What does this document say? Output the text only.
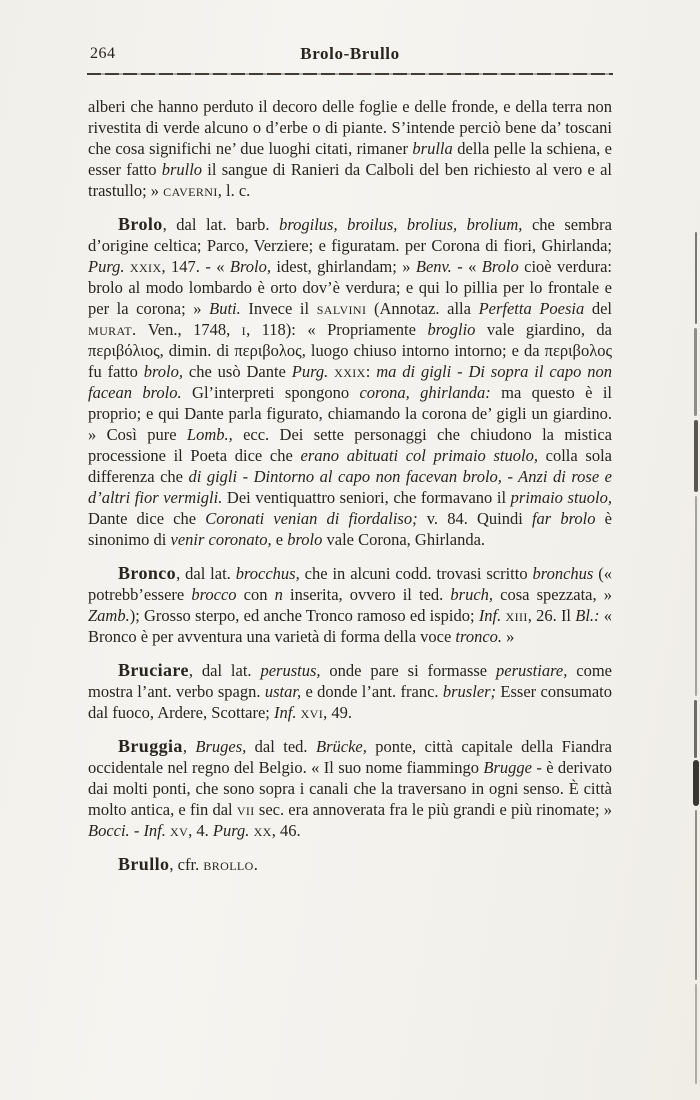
264	Brolo-Brullo

alberi che hanno perduto il decoro delle foglie e delle fronde, e della terra non rivestita di verde alcuno o d’erbe o di piante. S’intende perciò bene da’ toscani che cosa significhi ne’ due luoghi citati, rimaner brulla della pelle la schiena, e esser fatto brullo il sangue di Ranieri da Calboli del ben richiesto al vero e al trastullo; » caverni, l. c.

Brolo, dal lat. barb. brogilus, broilus, brolius, brolium, che sembra d’origine celtica; Parco, Verziere; e figuratam. per Corona di fiori, Ghirlanda; Purg. xxix, 147. - « Brolo, idest, ghirlandam; » Benv. - « Brolo cioè verdura: brolo al modo lombardo è orto dov’è verdura; e qui lo pillia per lo frontale e per la corona; » Buti. Invece il salvini (Annotaz. alla Perfetta Poesia del murat. Ven., 1748, i, 118): « Propriamente broglio vale giardino, da περιβόλιος, dimin. di περιβολος, luogo chiuso intorno intorno; e da περιβολος fu fatto brolo, che usò Dante Purg. xxix: ma di gigli - Di sopra il capo non facean brolo. Gl’interpreti spongono corona, ghirlanda: ma questo è il proprio; e qui Dante parla figurato, chiamando la corona de’ gigli un giardino. » Così pure Lomb., ecc. Dei sette personaggi che chiudono la mistica processione il Poeta dice che erano abituati col primaio stuolo, colla sola differenza che di gigli - Dintorno al capo non facevan brolo, - Anzi di rose e d’altri fior vermigli. Dei ventiquattro seniori, che formavano il primaio stuolo, Dante dice che Coronati venian di fiordaliso; v. 84. Quindi far brolo è sinonimo di venir coronato, e brolo vale Corona, Ghirlanda.

Bronco, dal lat. brocchus, che in alcuni codd. trovasi scritto bronchus (« potrebb’essere brocco con n inserita, ovvero il ted. bruch, cosa spezzata, » Zamb.); Grosso sterpo, ed anche Tronco ramoso ed ispido; Inf. xiii, 26. Il Bl.: « Bronco è per avventura una varietà di forma della voce tronco. »

Bruciare, dal lat. perustus, onde pare si formasse perustiare, come mostra l’ant. verbo spagn. ustar, e donde l’ant. franc. brusler; Esser consumato dal fuoco, Ardere, Scottare; Inf. xvi, 49.

Bruggia, Bruges, dal ted. Brücke, ponte, città capitale della Fiandra occidentale nel regno del Belgio. « Il suo nome fiammingo Brugge - è derivato dai molti ponti, che sono sopra i canali che la traversano in ogni senso. È città molto antica, e fin dal vii sec. era annoverata fra le più grandi e più rinomate; » Bocci. - Inf. xv, 4. Purg. xx, 46.

Brullo, cfr. brollo.
